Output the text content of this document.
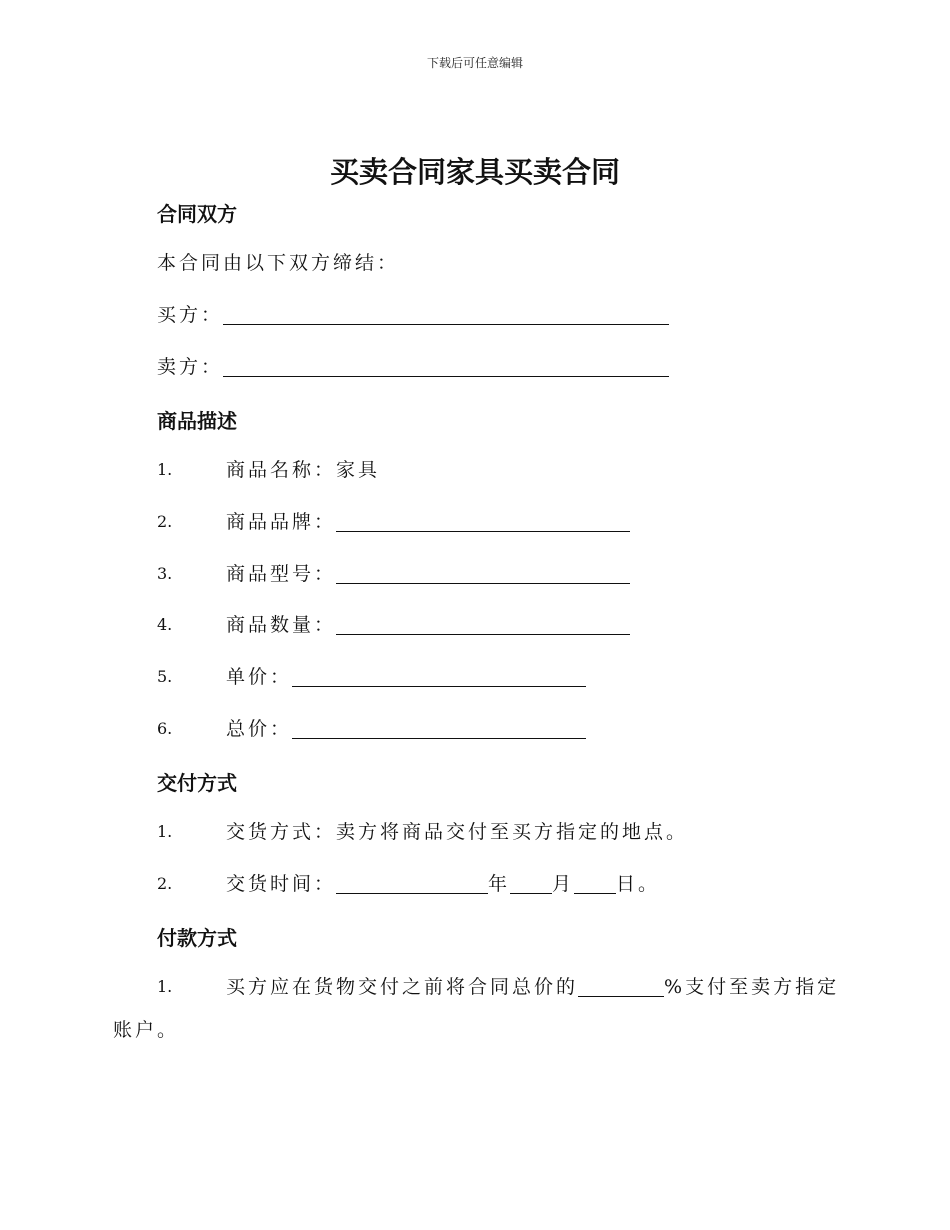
下载后可任意编辑
买卖合同家具买卖合同
合同双方
本合同由以下双方缔结：
买方：
卖方：
商品描述
1.	商品名称：家具
2.	商品品牌：
3.	商品型号：
4.	商品数量：
5.	单价：
6.	总价：
交付方式
1.	交货方式：卖方将商品交付至买方指定的地点。
2.	交货时间：	年 月 日。
付款方式
1.	买方应在货物交付之前将合同总价的	%支付至卖方指定
账户。
